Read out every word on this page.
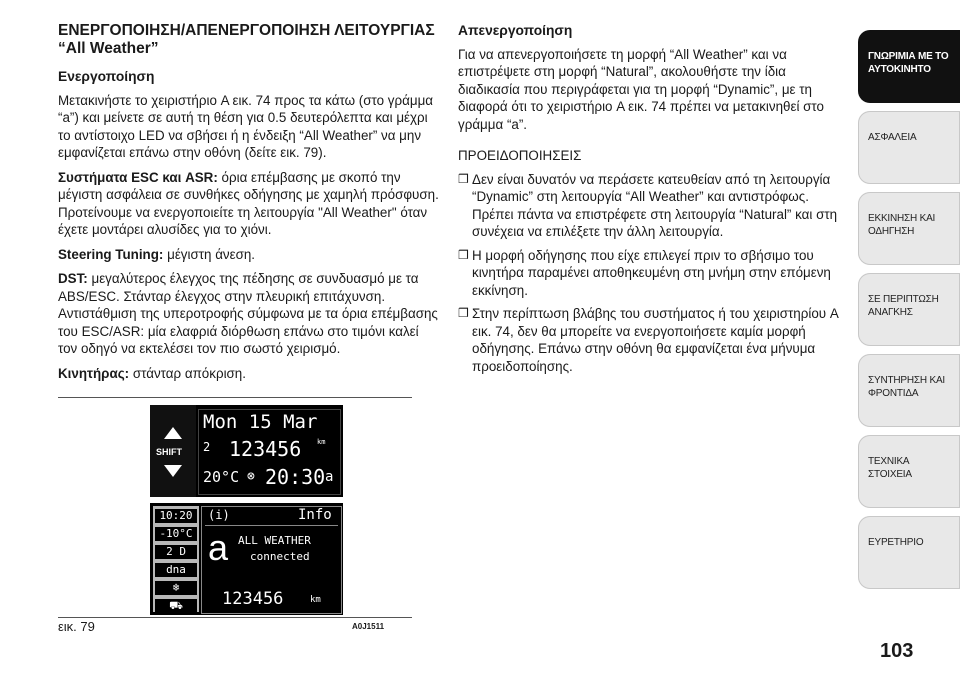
ΕΝΕΡΓΟΠΟΙΗΣΗ/ΑΠΕΝΕΡΓΟΠΟΙΗΣΗ ΛΕΙΤΟΥΡΓΙΑΣ “All Weather”
Ενεργοποίηση

Μετακινήστε το χειριστήριο A εικ. 74 προς τα κάτω (στο γράμμα “a”) και μείνετε σε αυτή τη θέση για 0.5 δευτερόλεπτα και μέχρι το αντίστοιχο LED να σβήσει ή η ένδειξη “All Weather” να μην εμφανίζεται επάνω στην οθόνη (δείτε εικ. 79).

Συστήματα ESC και ASR: όρια επέμβασης με σκοπό την μέγιστη ασφάλεια σε συνθήκες οδήγησης με χαμηλή πρόσφυση. Προτείνουμε να ενεργοποιείτε τη λειτουργία "All Weather" όταν έχετε μοντάρει αλυσίδες για το χιόνι.

Steering Tuning: μέγιστη άνεση.

DST: μεγαλύτερος έλεγχος της πέδησης σε συνδυασμό με τα ABS/ESC. Στάνταρ έλεγχος στην πλευρική επιτάχυνση. Αντιστάθμιση της υπεροτροφής σύμφωνα με τα όρια επέμβασης του ESC/ASR: μία ελαφριά διόρθωση επάνω στο τιμόνι καλεί τον οδηγό να εκτελέσει τον πιο σωστό χειρισμό.

Κινητήρας: στάνταρ απόκριση.

Απενεργοποίηση

Για να απενεργοποιήσετε τη μορφή “All Weather” και να επιστρέψετε στη μορφή “Natural”, ακολουθήστε την ίδια διαδικασία που περιγράφεται για τη μορφή “Dynamic”, με τη διαφορά ότι το χειριστήριο A εικ. 74 πρέπει να μετακινηθεί στο γράμμα “a”.

ΠΡΟΕΙΔΟΠΟΙΗΣΕΙΣ
❒ Δεν είναι δυνατόν να περάσετε κατευθείαν από τη λειτουργία “Dynamic” στη λειτουργία “All Weather” και αντιστρόφως. Πρέπει πάντα να επιστρέφετε στη λειτουργία “Natural” και στη συνέχεια να επιλέξετε την άλλη λειτουργία.
❒ Η μορφή οδήγησης που είχε επιλεγεί πριν το σβήσιμο του κινητήρα παραμένει αποθηκευμένη στη μνήμη στην επόμενη εκκίνηση.
❒ Στην περίπτωση βλάβης του συστήματος ή του χειριστηρίου A εικ. 74, δεν θα μπορείτε να ενεργοποιήσετε καμία μορφή οδήγησης. Επάνω στην οθόνη θα εμφανίζεται ένα μήνυμα προειδοποίησης.
SHIFT
Mon 15 Mar
2 123456 km
20°C ⊗ 20:30 a
10:20
-10°C
2 D
dna
❄
⛟
(i)	Info
a ALL WEATHER
connected
123456	km
εικ. 79	A0J1511
ΓΝΩΡΙΜΙΑ ΜΕ ΤΟ ΑΥΤΟΚΙΝΗΤΟ
ΑΣΦΑΛΕΙΑ
ΕΚΚΙΝΗΣΗ ΚΑΙ ΟΔΗΓΗΣΗ
ΣΕ ΠΕΡΙΠΤΩΣΗ ΑΝΑΓΚΗΣ
ΣΥΝΤΗΡΗΣΗ ΚΑΙ ΦΡΟΝΤΙΔΑ
ΤΕΧΝΙΚΑ ΣΤΟΙΧΕΙΑ
ΕΥΡΕΤΗΡΙΟ
103
